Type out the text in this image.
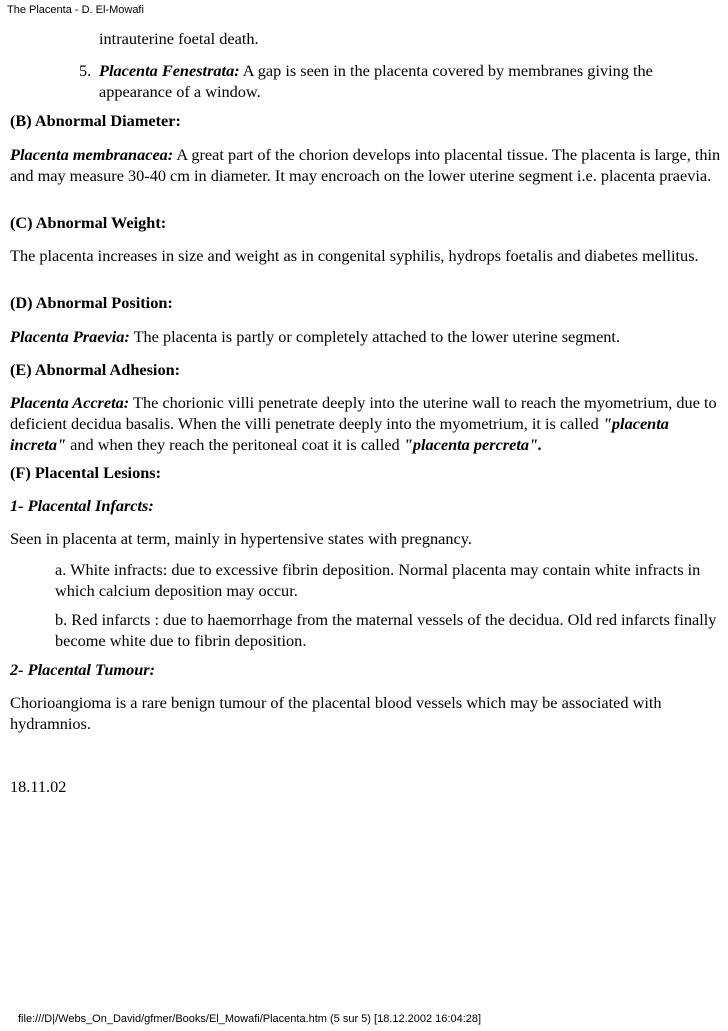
The Placenta - D. El-Mowafi

intrauterine foetal death.

5. Placenta Fenestrata: A gap is seen in the placenta covered by membranes giving the appearance of a window.

(B) Abnormal Diameter:

Placenta membranacea: A great part of the chorion develops into placental tissue. The placenta is large, thin and may measure 30-40 cm in diameter. It may encroach on the lower uterine segment i.e. placenta praevia.

(C) Abnormal Weight:

The placenta increases in size and weight as in congenital syphilis, hydrops foetalis and diabetes mellitus.

(D) Abnormal Position:

Placenta Praevia: The placenta is partly or completely attached to the lower uterine segment.

(E) Abnormal Adhesion:

Placenta Accreta: The chorionic villi penetrate deeply into the uterine wall to reach the myometrium, due to deficient decidua basalis. When the villi penetrate deeply into the myometrium, it is called "placenta increta" and when they reach the peritoneal coat it is called "placenta percreta".

(F) Placental Lesions:

1- Placental Infarcts:

Seen in placenta at term, mainly in hypertensive states with pregnancy.

a. White infracts: due to excessive fibrin deposition. Normal placenta may contain white infracts in which calcium deposition may occur.

b. Red infarcts : due to haemorrhage from the maternal vessels of the decidua. Old red infarcts finally become white due to fibrin deposition.

2- Placental Tumour:

Chorioangioma is a rare benign tumour of the placental blood vessels which may be associated with hydramnios.

18.11.02

file:///D|/Webs_On_David/gfmer/Books/El_Mowafi/Placenta.htm (5 sur 5) [18.12.2002 16:04:28]
